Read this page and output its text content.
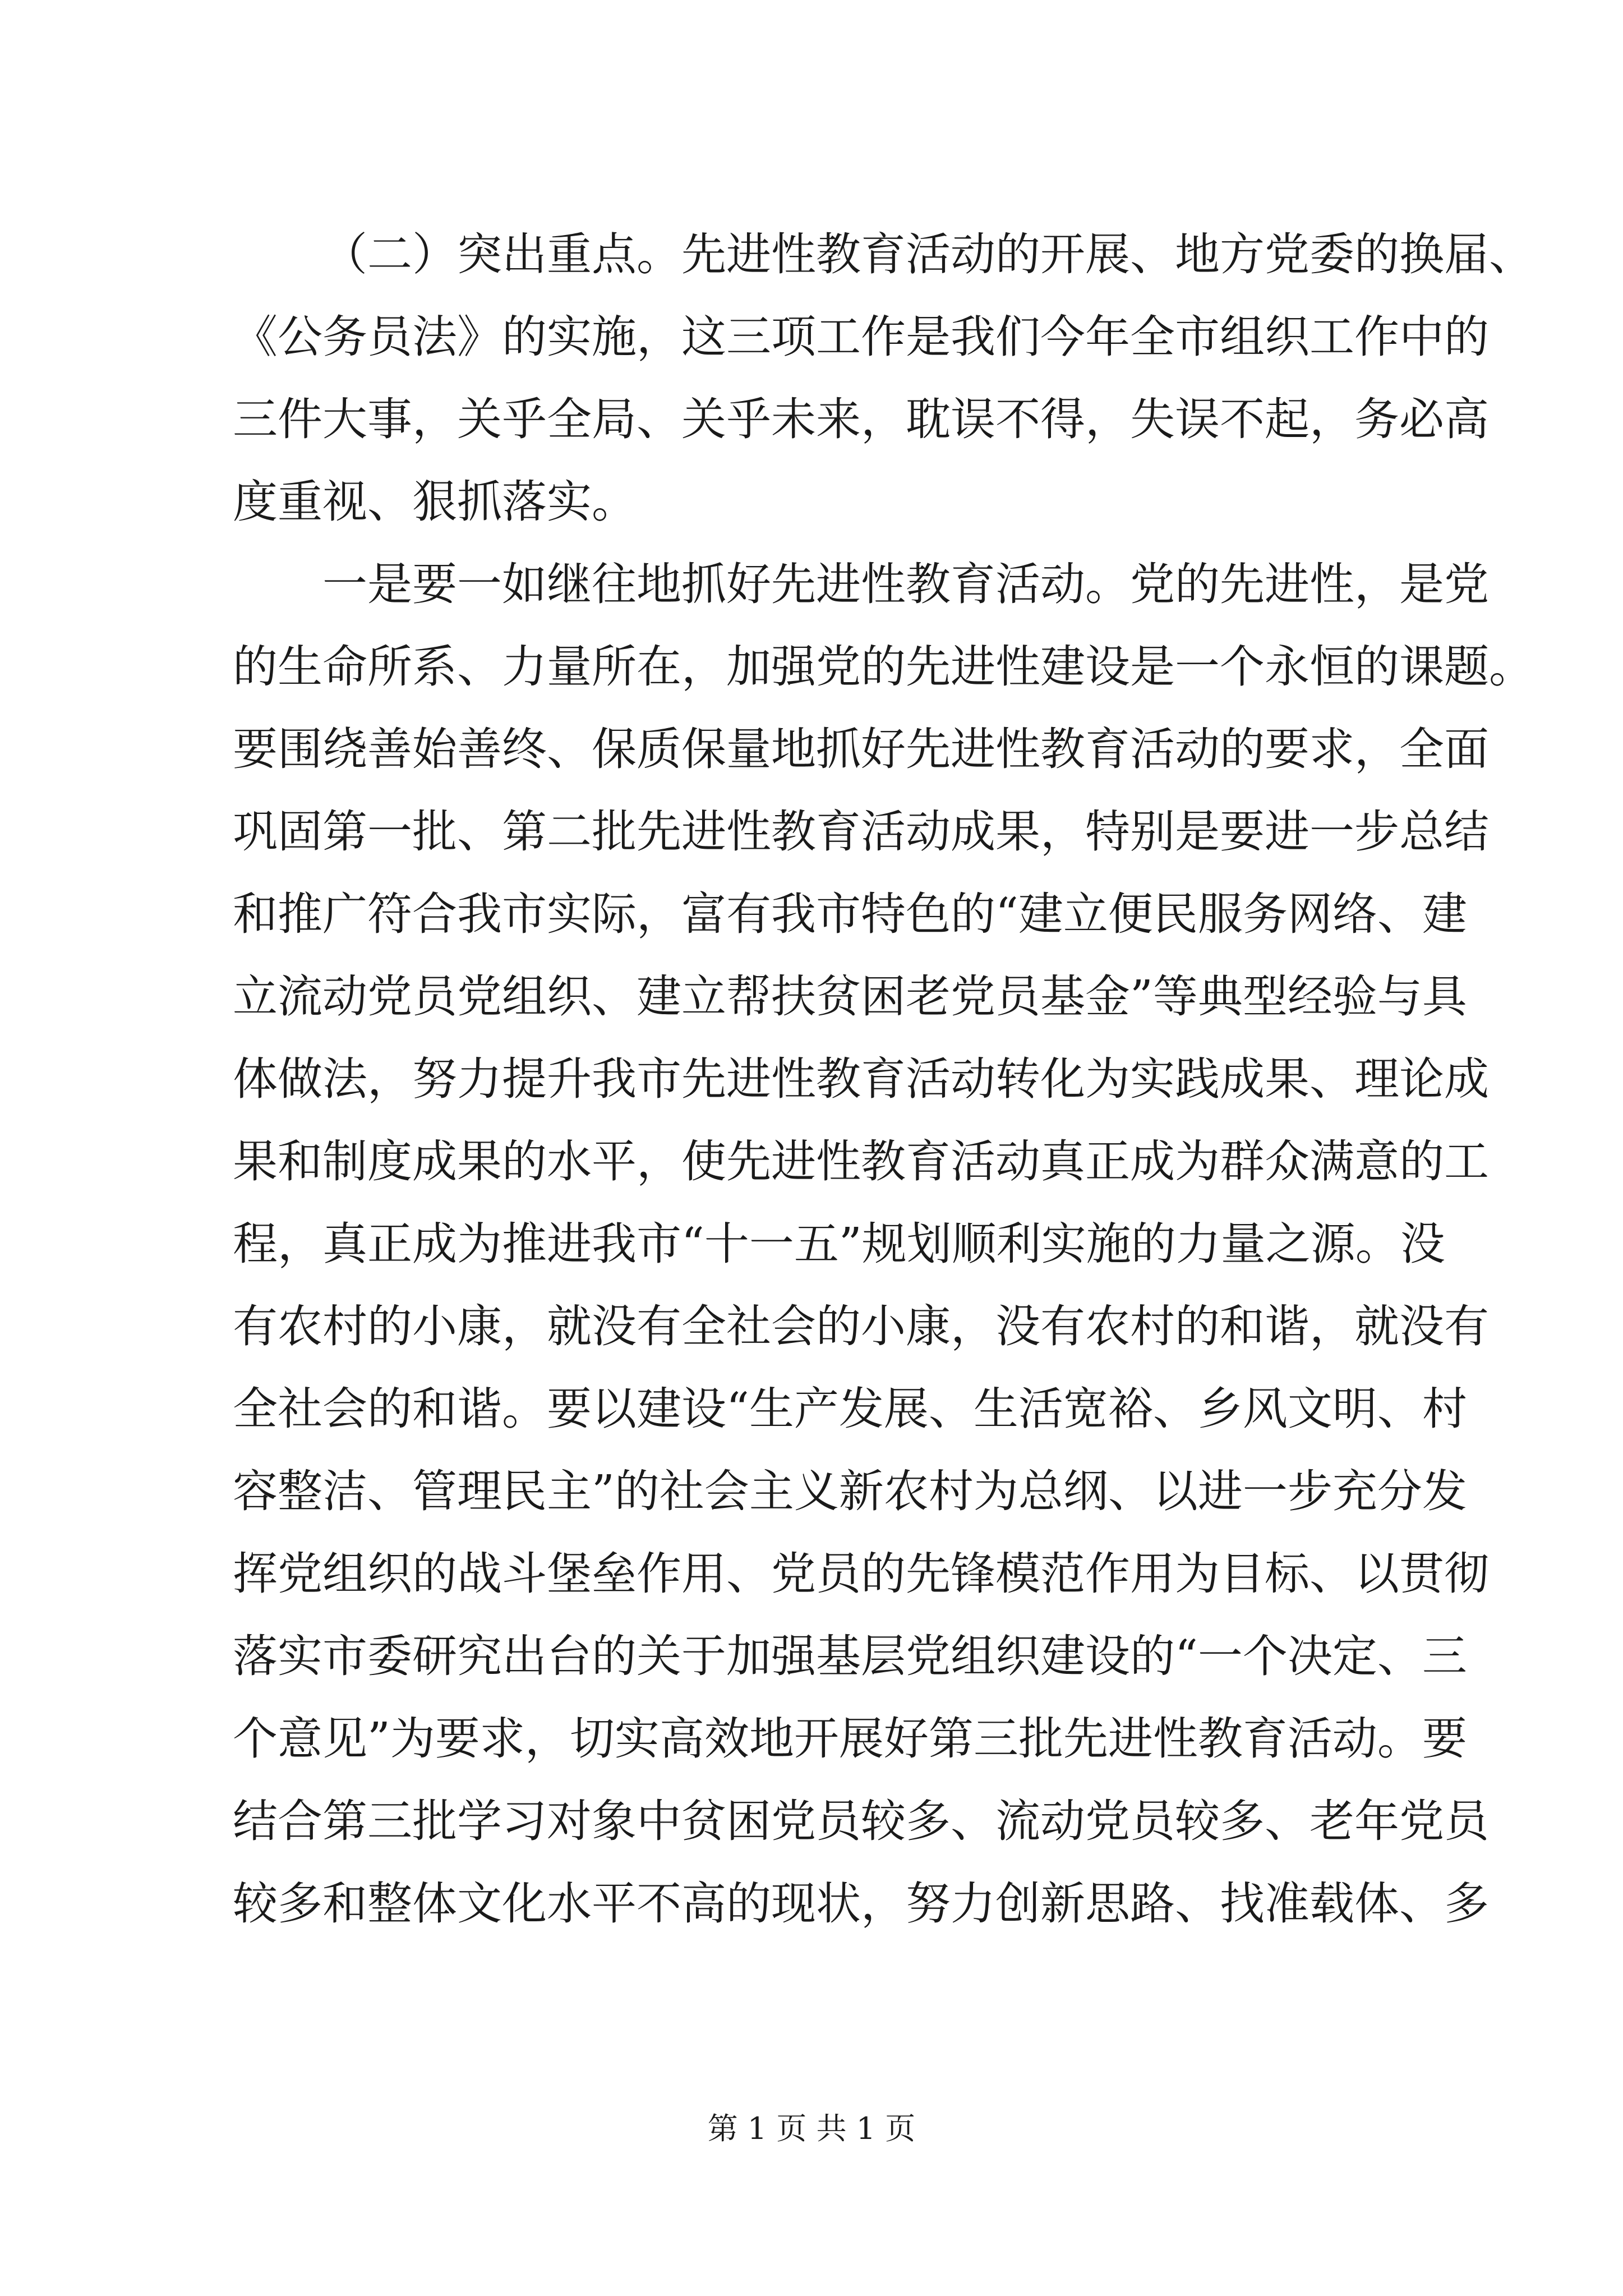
（二）突出重点。先进性教育活动的开展、地方党委的换届、
《公务员法》的实施，这三项工作是我们今年全市组织工作中的
三件大事，关乎全局、关乎未来，耽误不得，失误不起，务必高
度重视、狠抓落实。
一是要一如继往地抓好先进性教育活动。党的先进性，是党
的生命所系、力量所在，加强党的先进性建设是一个永恒的课题。
要围绕善始善终、保质保量地抓好先进性教育活动的要求，全面
巩固第一批、第二批先进性教育活动成果，特别是要进一步总结
和推广符合我市实际，富有我市特色的“建立便民服务网络、建
立流动党员党组织、建立帮扶贫困老党员基金”等典型经验与具
体做法，努力提升我市先进性教育活动转化为实践成果、理论成
果和制度成果的水平，使先进性教育活动真正成为群众满意的工
程，真正成为推进我市“十一五”规划顺利实施的力量之源。没
有农村的小康，就没有全社会的小康，没有农村的和谐，就没有
全社会的和谐。要以建设“生产发展、生活宽裕、乡风文明、村
容整洁、管理民主”的社会主义新农村为总纲、以进一步充分发
挥党组织的战斗堡垒作用、党员的先锋模范作用为目标、以贯彻
落实市委研究出台的关于加强基层党组织建设的“一个决定、三
个意见”为要求，切实高效地开展好第三批先进性教育活动。要
结合第三批学习对象中贫困党员较多、流动党员较多、老年党员
较多和整体文化水平不高的现状，努力创新思路、找准载体、多
第 1 页 共 1 页
